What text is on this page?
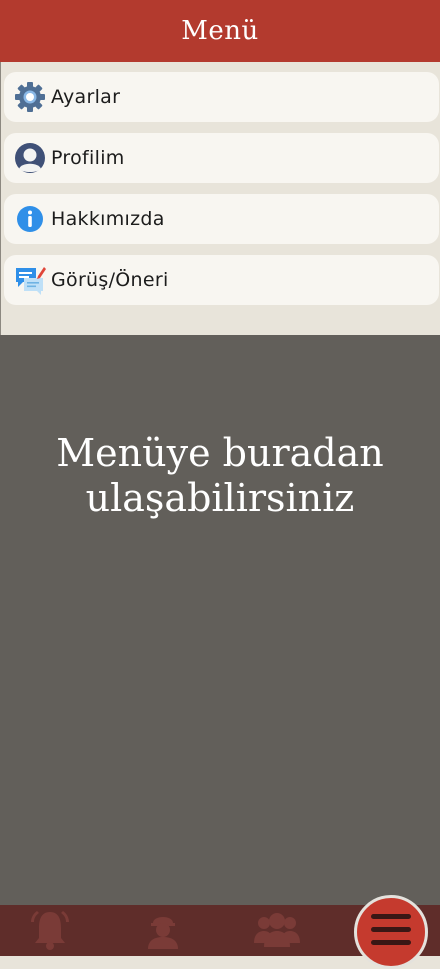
Menü
Ayarlar
Profilim
Hakkımızda
Görüş/Öneri
Menüye buradan
ulaşabilirsiniz
